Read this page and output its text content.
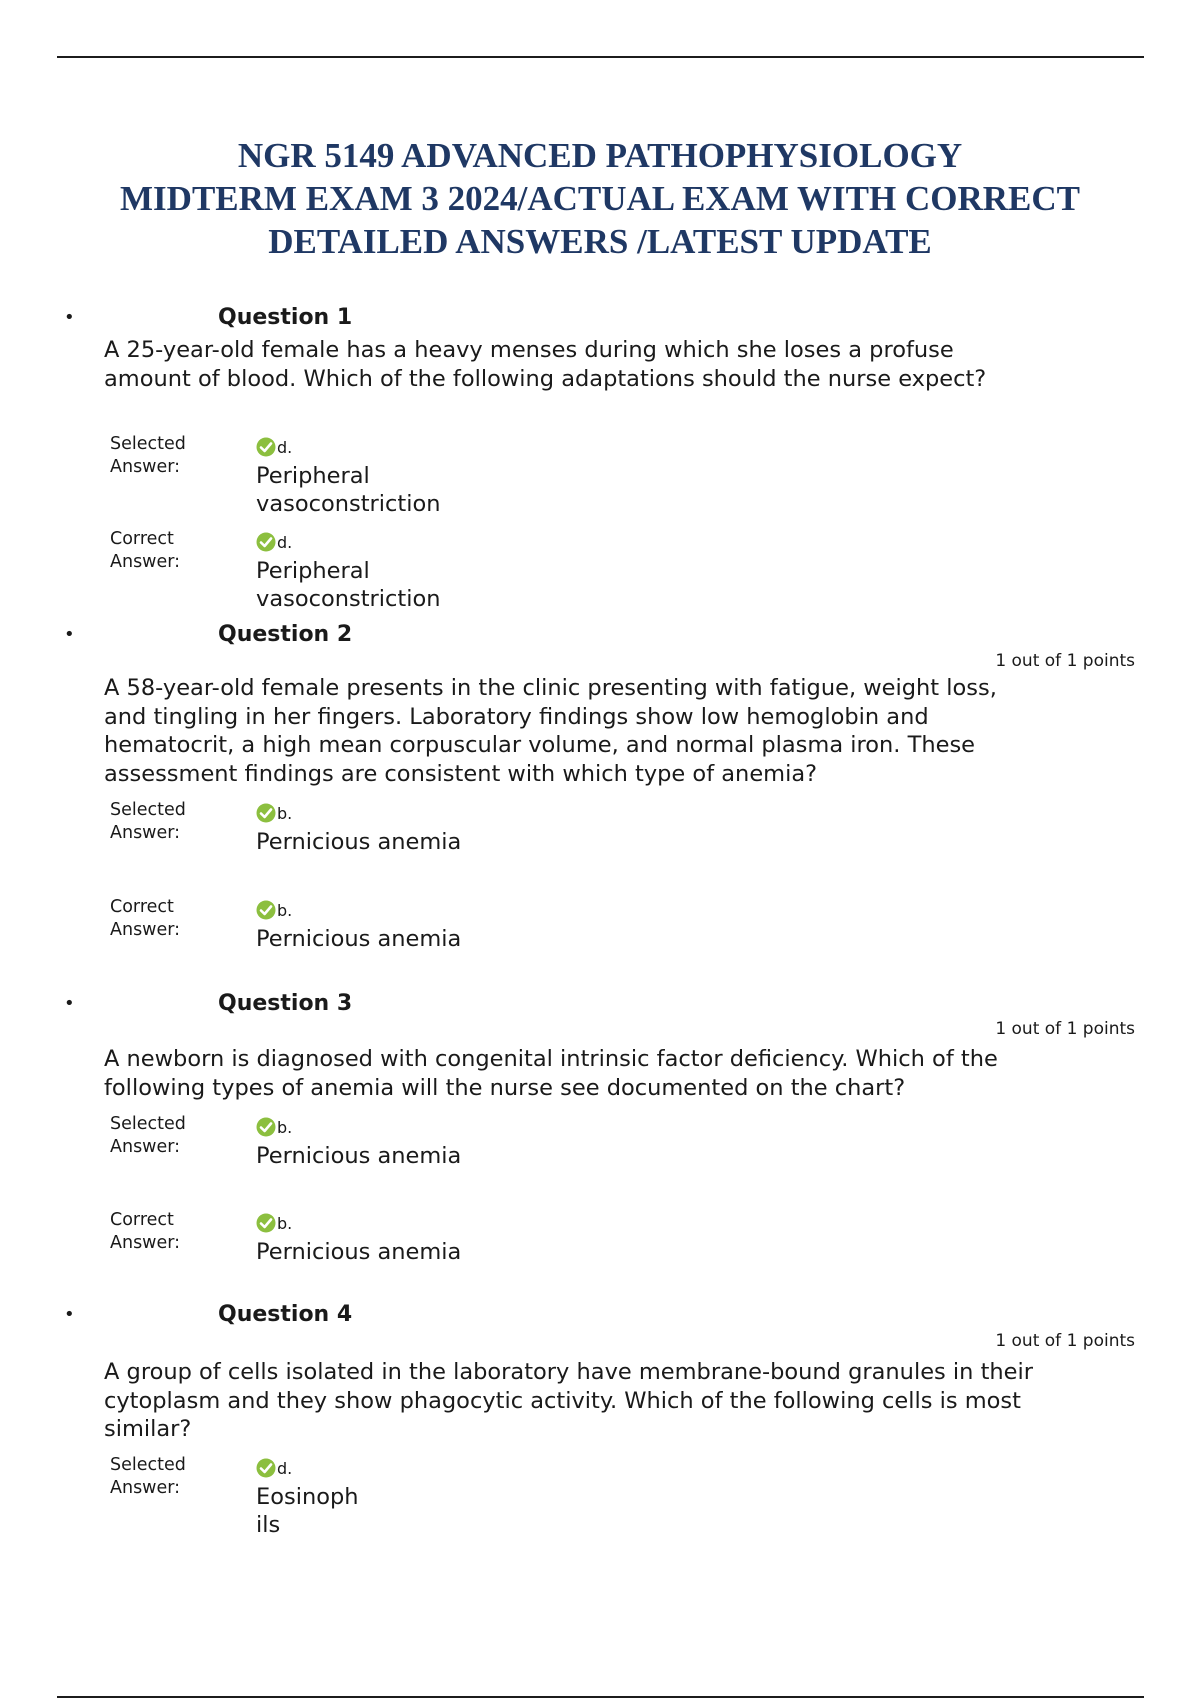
NGR 5149 ADVANCED PATHOPHYSIOLOGY
MIDTERM EXAM 3 2024/ACTUAL EXAM WITH CORRECT
DETAILED ANSWERS /LATEST UPDATE
•	Question 1
A 25-year-old female has a heavy menses during which she loses a profuse amount of blood. Which of the following adaptations should the nurse expect?
Selected Answer:
d.
Peripheral vasoconstriction
Correct Answer:
d.
Peripheral vasoconstriction
•	Question 2
1 out of 1 points
A 58-year-old female presents in the clinic presenting with fatigue, weight loss, and tingling in her fingers. Laboratory findings show low hemoglobin and hematocrit, a high mean corpuscular volume, and normal plasma iron. These assessment findings are consistent with which type of anemia?
Selected Answer:
b.
Pernicious anemia
Correct Answer:
b.
Pernicious anemia
•	Question 3
1 out of 1 points
A newborn is diagnosed with congenital intrinsic factor deficiency. Which of the following types of anemia will the nurse see documented on the chart?
Selected Answer:
b.
Pernicious anemia
Correct Answer:
b.
Pernicious anemia
•	Question 4
1 out of 1 points
A group of cells isolated in the laboratory have membrane-bound granules in their cytoplasm and they show phagocytic activity. Which of the following cells is most similar?
Selected Answer:
d.
Eosinoph ils
